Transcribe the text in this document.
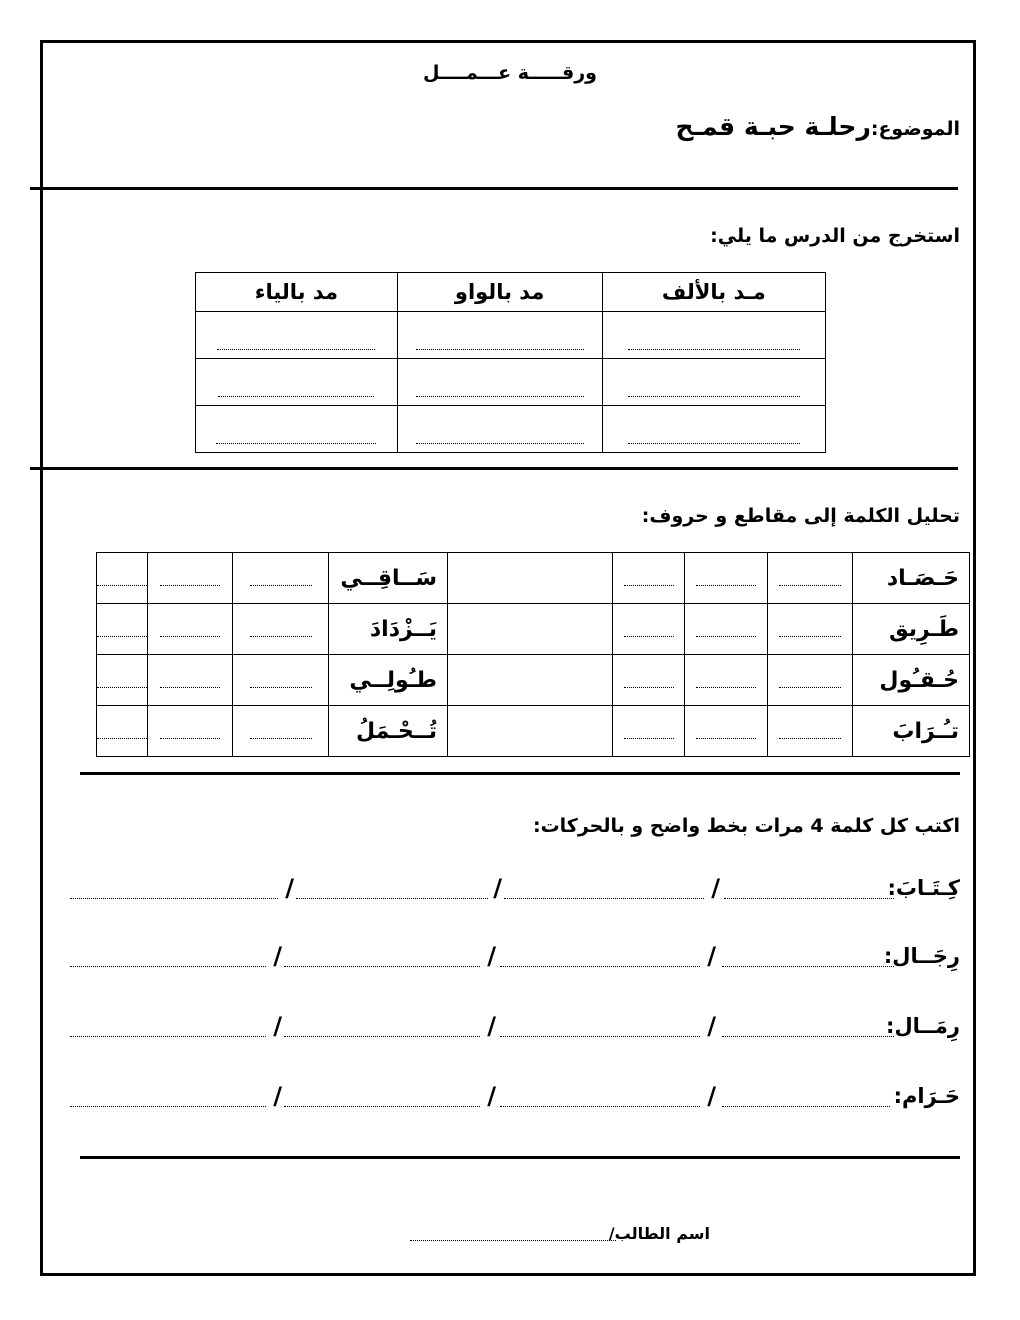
ورقـــــة عـــمــــل
الموضوع:رحلـة حبـة قمـح
استخرج من الدرس ما يلي:
مـد بالألف	مد بالواو	مد بالياء

تحليل الكلمة إلى مقاطع و حروف:
حَـصَـاد					سَــاقِــي			
طَـرِيق					يَــزْدَادَ			
حُـقـُول					طـُولِــي			
تـُـرَابَ					تُــحْـمَلُ			
اكتب كل كلمة 4 مرات بخط واضح و بالحركات:
كِـتَـابَ:
/
/
/
رِجَــال:
/
/
/
رِمَــال:
/
/
/
حَـرَام:
/
/
/
اسم الطالب/
